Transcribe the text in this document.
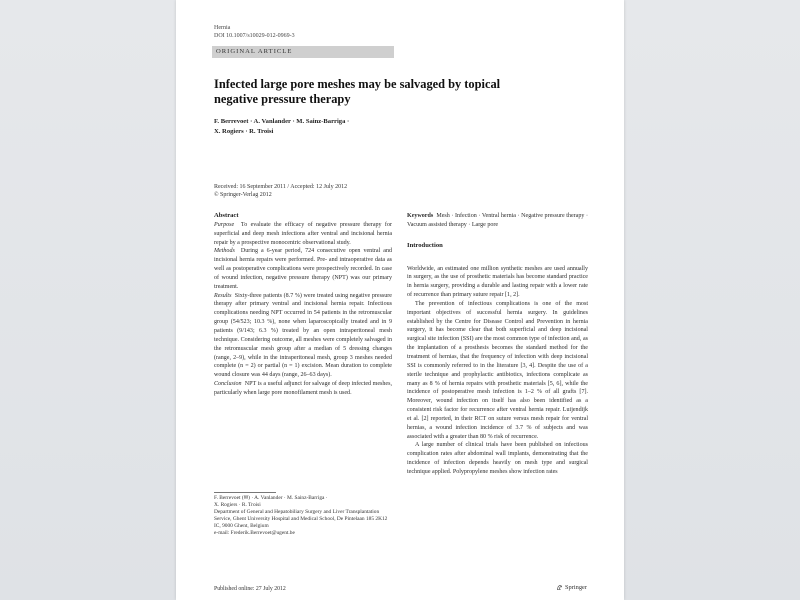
Hernia
DOI 10.1007/s10029-012-0969-3
ORIGINAL ARTICLE
Infected large pore meshes may be salvaged by topical negative pressure therapy
F. Berrevoet · A. Vanlander · M. Sainz-Barriga ·
X. Rogiers · R. Troisi
Received: 16 September 2011 / Accepted: 12 July 2012
© Springer-Verlag 2012
Abstract

Purpose To evaluate the efficacy of negative pressure therapy for superficial and deep mesh infections after ventral and incisional hernia repair by a prospective monocentric observational study.

Methods During a 6-year period, 724 consecutive open ventral and incisional hernia repairs were performed. Pre- and intraoperative data as well as postoperative complications were prospectively recorded. In case of wound infection, negative pressure therapy (NPT) was our primary treatment.

Results Sixty-three patients (8.7 %) were treated using negative pressure therapy after primary ventral and incisional hernia repair. Infectious complications needing NPT occurred in 54 patients in the retromuscular group (54/523; 10.3 %), none when laparoscopically treated and in 9 patients (9/143; 6.3 %) treated by an open intraperitoneal mesh technique. Considering outcome, all meshes were completely salvaged in the retromuscular mesh group after a median of 5 dressing changes (range, 2–9), while in the intraperitoneal mesh, group 3 meshes needed complete (n = 2) or partial (n = 1) excision. Mean duration to complete wound closure was 44 days (range, 26–63 days).

Conclusion NPT is a useful adjunct for salvage of deep infected meshes, particularly when large pore monofilament mesh is used.

Keywords Mesh · Infection · Ventral hernia · Negative pressure therapy · Vacuum assisted therapy · Large pore

Introduction

Worldwide, an estimated one million synthetic meshes are used annually in surgery, as the use of prosthetic materials has become standard practice in hernia surgery, providing a durable and lasting repair with a lower rate of recurrence than primary suture repair [1, 2].

The prevention of infectious complications is one of the most important objectives of successful hernia surgery. In guidelines established by the Centre for Disease Control and Prevention in hernia surgery, it has become clear that both superficial and deep incisional surgical site infection (SSI) are the most common type of infection and, as the implantation of a prosthesis becomes the standard method for the treatment of hernias, that the frequency of infection with deep incisional SSI is commonly referred to in the literature [3, 4]. Despite the use of a sterile technique and prophylactic antibiotics, infections complicate as many as 8 % of hernia repairs with prosthetic materials [5, 6], while the incidence of postoperative mesh infection is 1–2 % of all grafts [7]. Moreover, wound infection on itself has also been identified as a consistent risk factor for recurrence after ventral hernia repair. Luijendijk et al. [2] reported, in their RCT on suture versus mesh repair for ventral hernias, a wound infection incidence of 3.7 % of subjects and was associated with a greater than 80 % risk of recurrence.

A large number of clinical trials have been published on infectious complication rates after abdominal wall implants, demonstrating that the incidence of infection depends heavily on mesh type and surgical technique applied. Polypropylene meshes show infection rates

F. Berrevoet (✉) · A. Vanlander · M. Sainz-Barriga ·
X. Rogiers · R. Troisi
Department of General and Hepatobiliary Surgery and Liver Transplantation Service, Ghent University Hospital and Medical School, De Pintelaan 185 2K12 IC, 9000 Ghent, Belgium
e-mail: Frederik.Berrevoet@ugent.be
Published online: 27 July 2012	Springer
